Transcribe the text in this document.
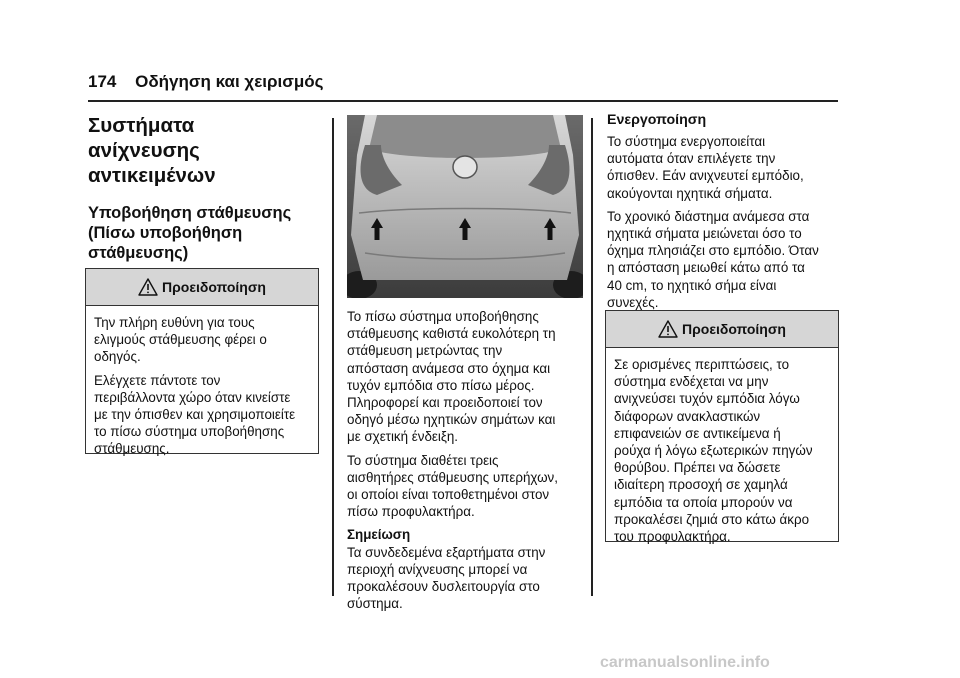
174 Οδήγηση και χειρισμός
Συστήματα
ανίχνευσης
αντικειμένων
Υποβοήθηση στάθμευσης
(Πίσω υποβοήθηση
στάθμευσης)
Προειδοποίηση

Την πλήρη ευθύνη για τους
ελιγμούς στάθμευσης φέρει ο
οδηγός.

Ελέγχετε πάντοτε τον
περιβάλλοντα χώρο όταν κινείστε
με την όπισθεν και χρησιμοποιείτε
το πίσω σύστημα υποβοήθησης
στάθμευσης.

Το πίσω σύστημα υποβοήθησης
στάθμευσης καθιστά ευκολότερη τη
στάθμευση μετρώντας την
απόσταση ανάμεσα στο όχημα και
τυχόν εμπόδια στο πίσω μέρος.
Πληροφορεί και προειδοποιεί τον
οδηγό μέσω ηχητικών σημάτων και
με σχετική ένδειξη.

Το σύστημα διαθέτει τρεις
αισθητήρες στάθμευσης υπερήχων,
οι οποίοι είναι τοποθετημένοι στον
πίσω προφυλακτήρα.

Σημείωση

Τα συνδεδεμένα εξαρτήματα στην
περιοχή ανίχνευσης μπορεί να
προκαλέσουν δυσλειτουργία στο
σύστημα.

Ενεργοποίηση

Το σύστημα ενεργοποιείται
αυτόματα όταν επιλέγετε την
όπισθεν. Εάν ανιχνευτεί εμπόδιο,
ακούγονται ηχητικά σήματα.

Το χρονικό διάστημα ανάμεσα στα
ηχητικά σήματα μειώνεται όσο το
όχημα πλησιάζει στο εμπόδιο. Όταν
η απόσταση μειωθεί κάτω από τα
40 cm, το ηχητικό σήμα είναι
συνεχές.

Προειδοποίηση

Σε ορισμένες περιπτώσεις, το
σύστημα ενδέχεται να μην
ανιχνεύσει τυχόν εμπόδια λόγω
διάφορων ανακλαστικών
επιφανειών σε αντικείμενα ή
ρούχα ή λόγω εξωτερικών πηγών
θορύβου. Πρέπει να δώσετε
ιδιαίτερη προσοχή σε χαμηλά
εμπόδια τα οποία μπορούν να
προκαλέσει ζημιά στο κάτω άκρο
του προφυλακτήρα.

carmanualsonline.info
